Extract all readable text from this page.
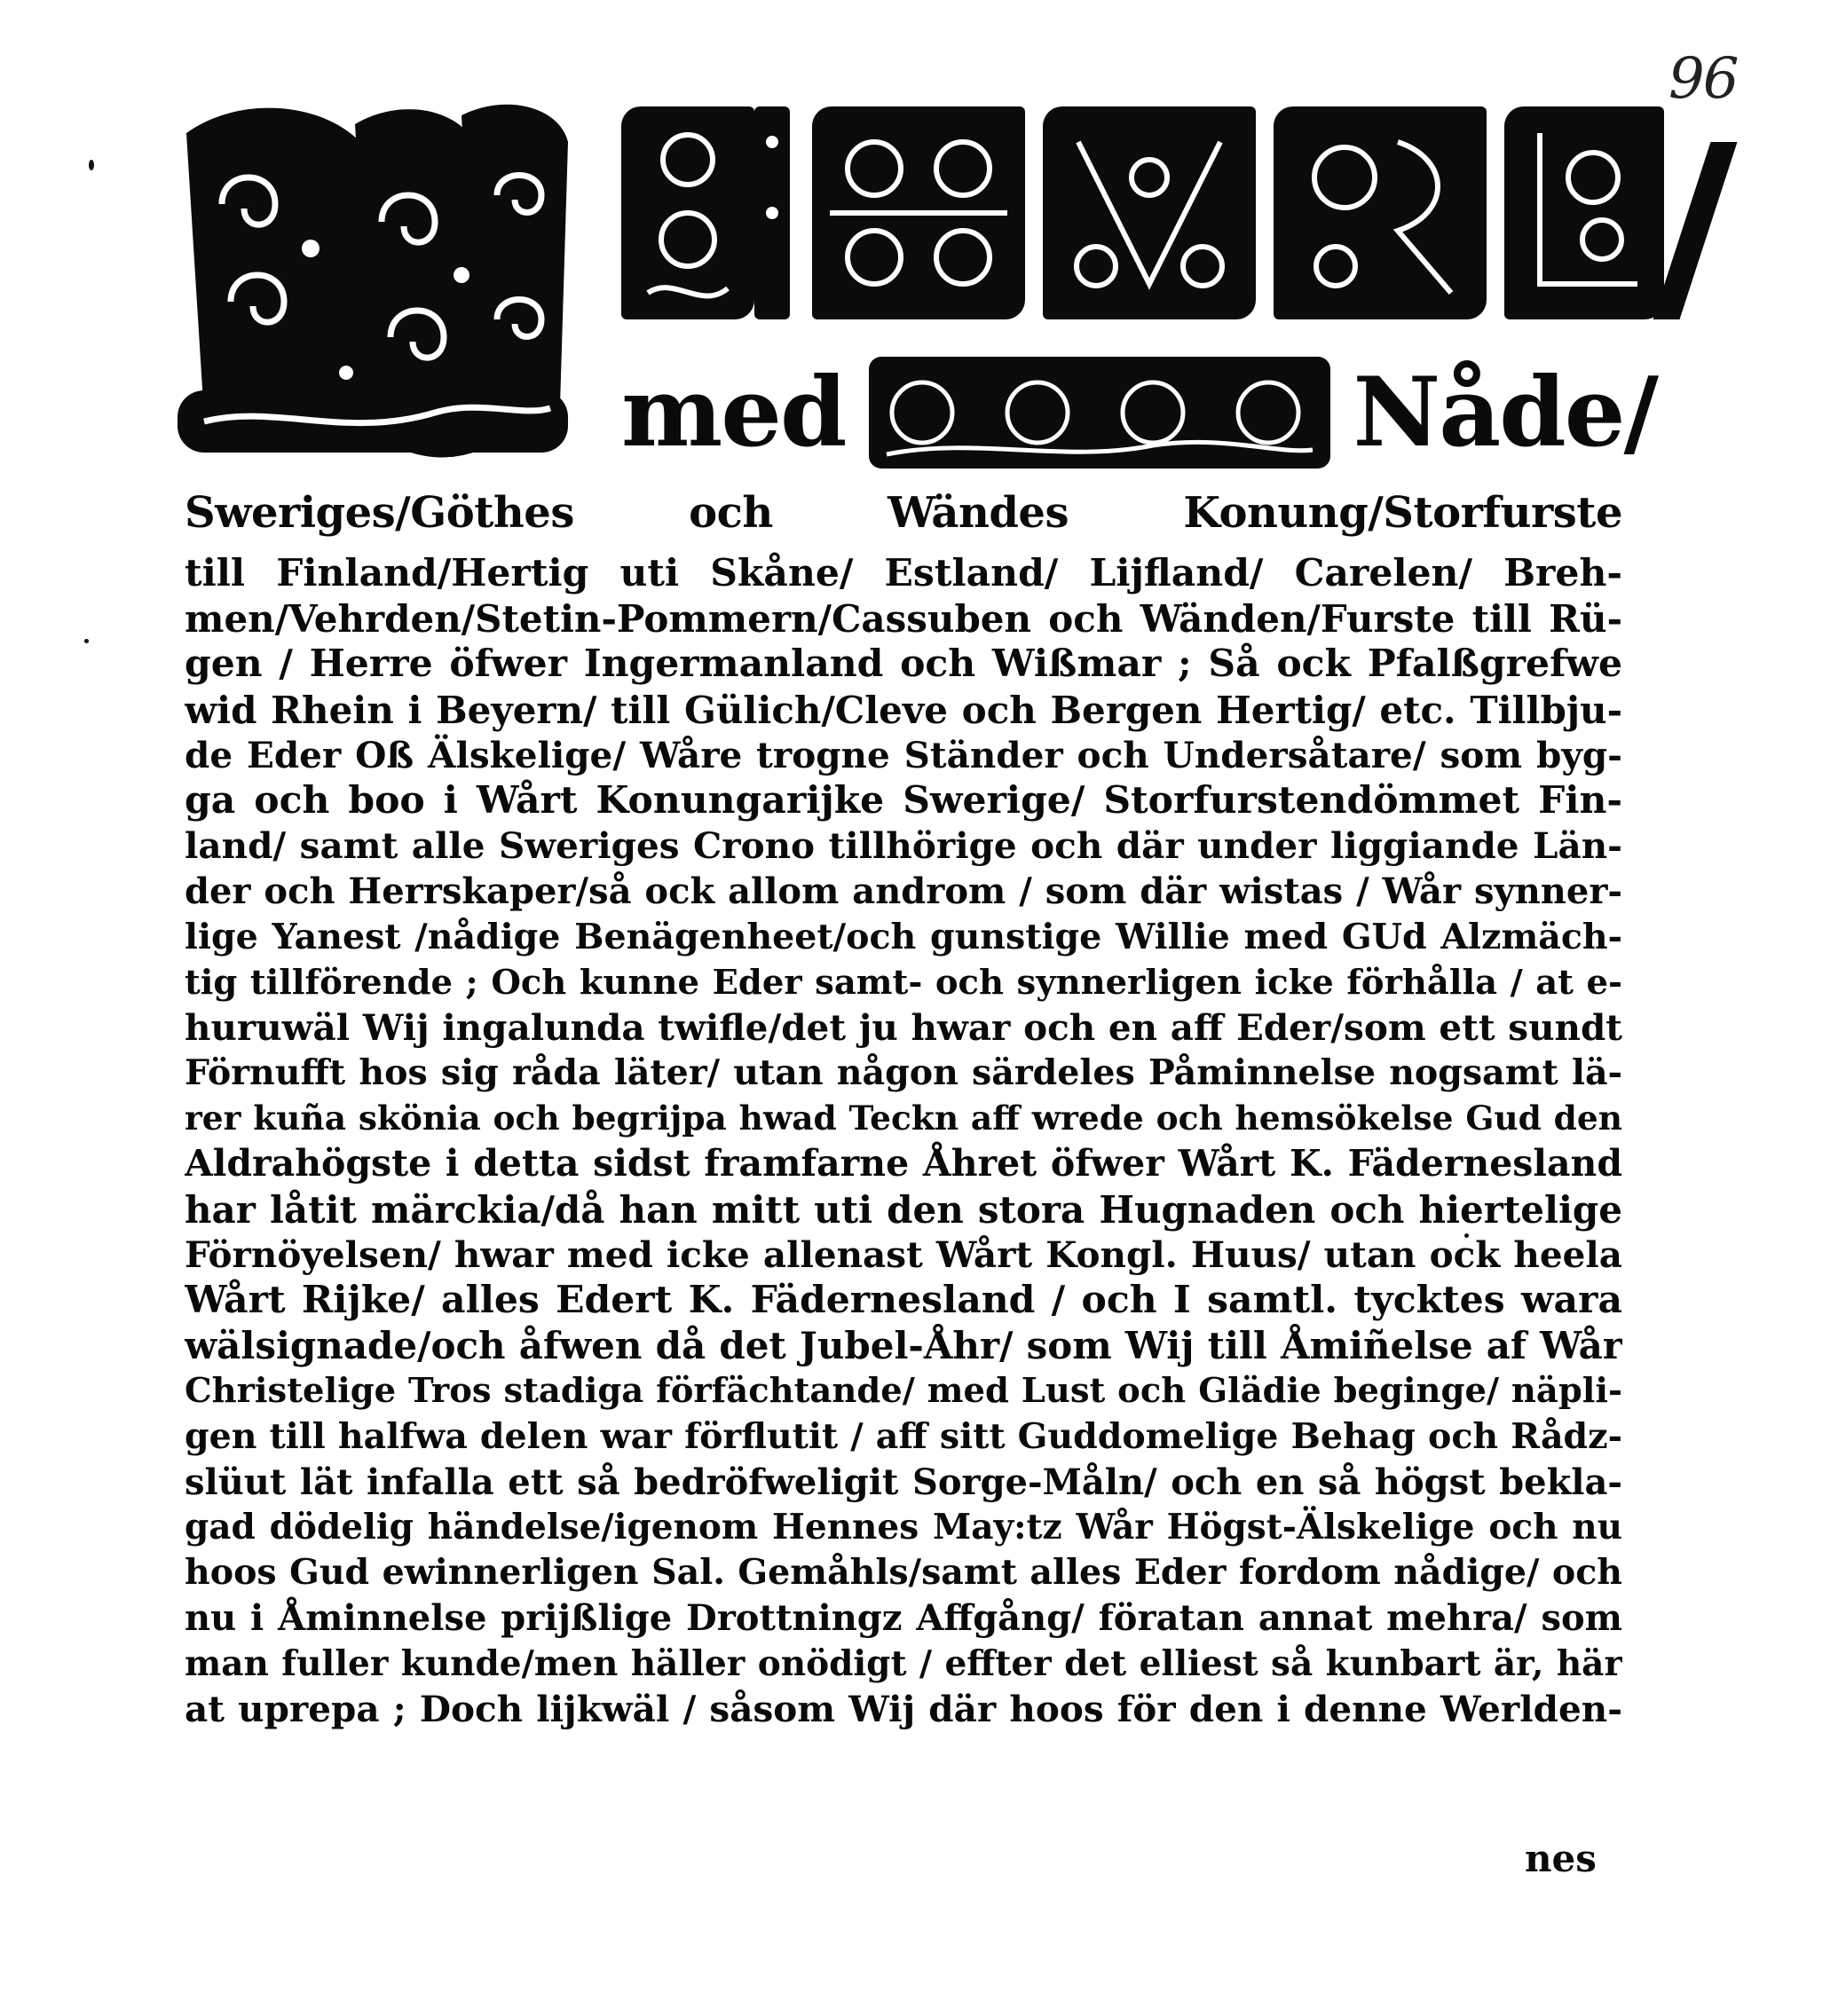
96
med	Nåde/
Sweriges/Göthes och Wändes Konung/Storfurste
till Finland/Hertig uti Skåne/ Estland/ Lijfland/ Carelen/ Breh-
men/Vehrden/Stetin-Pommern/Cassuben och Wänden/Furste till Rü-
gen / Herre öfwer Ingermanland och Wißmar ; Så ock Pfalßgrefwe
wid Rhein i Beyern/ till Gülich/Cleve och Bergen Hertig/ etc. Tillbju-
de Eder Oß Älskelige/ Wåre trogne Ständer och Undersåtare/ som byg-
ga och boo i Wårt Konungarijke Swerige/ Storfurstendömmet Fin-
land/ samt alle Sweriges Crono tillhörige och där under liggiande Län-
der och Herrskaper/så ock allom androm / som där wistas / Wår synner-
lige Yanest /nådige Benägenheet/och gunstige Willie med GUd Alzmäch-
tig tillförende ; Och kunne Eder samt- och synnerligen icke förhålla / at e-
huruwäl Wij ingalunda twifle/det ju hwar och en aff Eder/som ett sundt
Förnufft hos sig råda läter/ utan någon särdeles Påminnelse nogsamt lä-
rer kuña skönia och begrijpa hwad Teckn aff wrede och hemsökelse Gud den
Aldrahögste i detta sidst framfarne Åhret öfwer Wårt K. Fädernesland
har låtit märckia/då han mitt uti den stora Hugnaden och hiertelige
Förnöyelsen/ hwar med icke allenast Wårt Kongl. Huus/ utan ock heela
Wårt Rijke/ alles Edert K. Fädernesland / och I samtl. tycktes wara
wälsignade/och åfwen då det Jubel-Åhr/ som Wij till Åmiñelse af Wår
Christelige Tros stadiga förfächtande/ med Lust och Glädie beginge/ näpli-
gen till halfwa delen war förflutit / aff sitt Guddomelige Behag och Rådz-
slüut lät infalla ett så bedröfweligit Sorge-Måln/ och en så högst bekla-
gad dödelig händelse/igenom Hennes May:tz Wår Högst-Älskelige och nu
hoos Gud ewinnerligen Sal. Gemåhls/samt alles Eder fordom nådige/ och
nu i Åminnelse prijßlige Drottningz Affgång/ föratan annat mehra/ som
man fuller kunde/men häller onödigt / effter det elliest så kunbart är, här
at uprepa ; Doch lijkwäl / såsom Wij där hoos för den i denne Werlden-
nes
